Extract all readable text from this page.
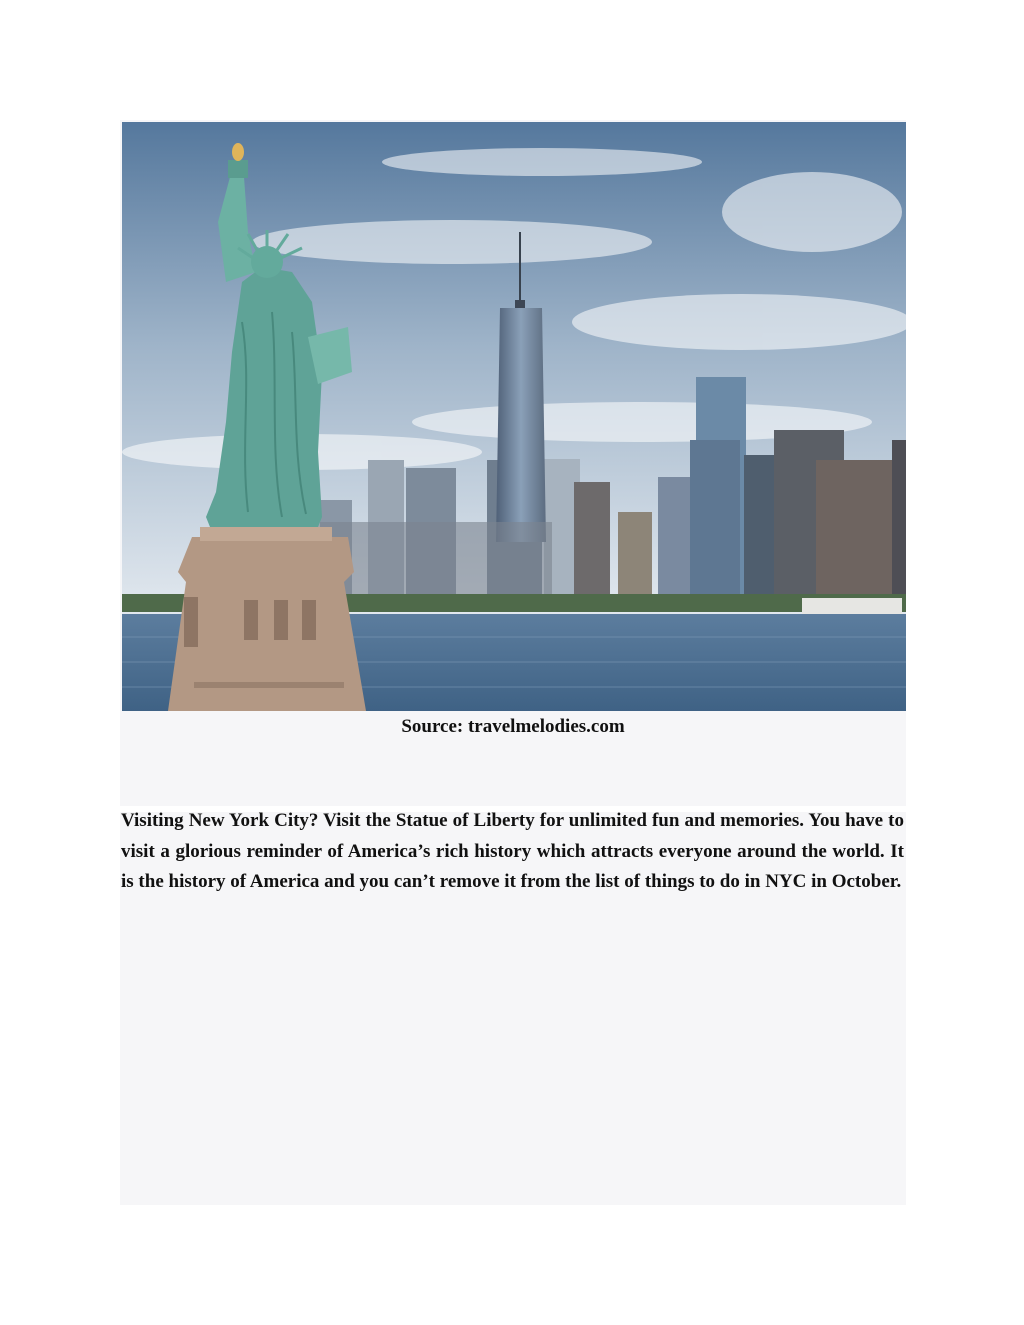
Source: travelmelodies.com

Visiting New York City? Visit the Statue of Liberty for unlimited fun and memories. You have to visit a glorious reminder of America’s rich history which attracts everyone around the world. It is the history of America and you can’t remove it from the list of things to do in NYC in October.
